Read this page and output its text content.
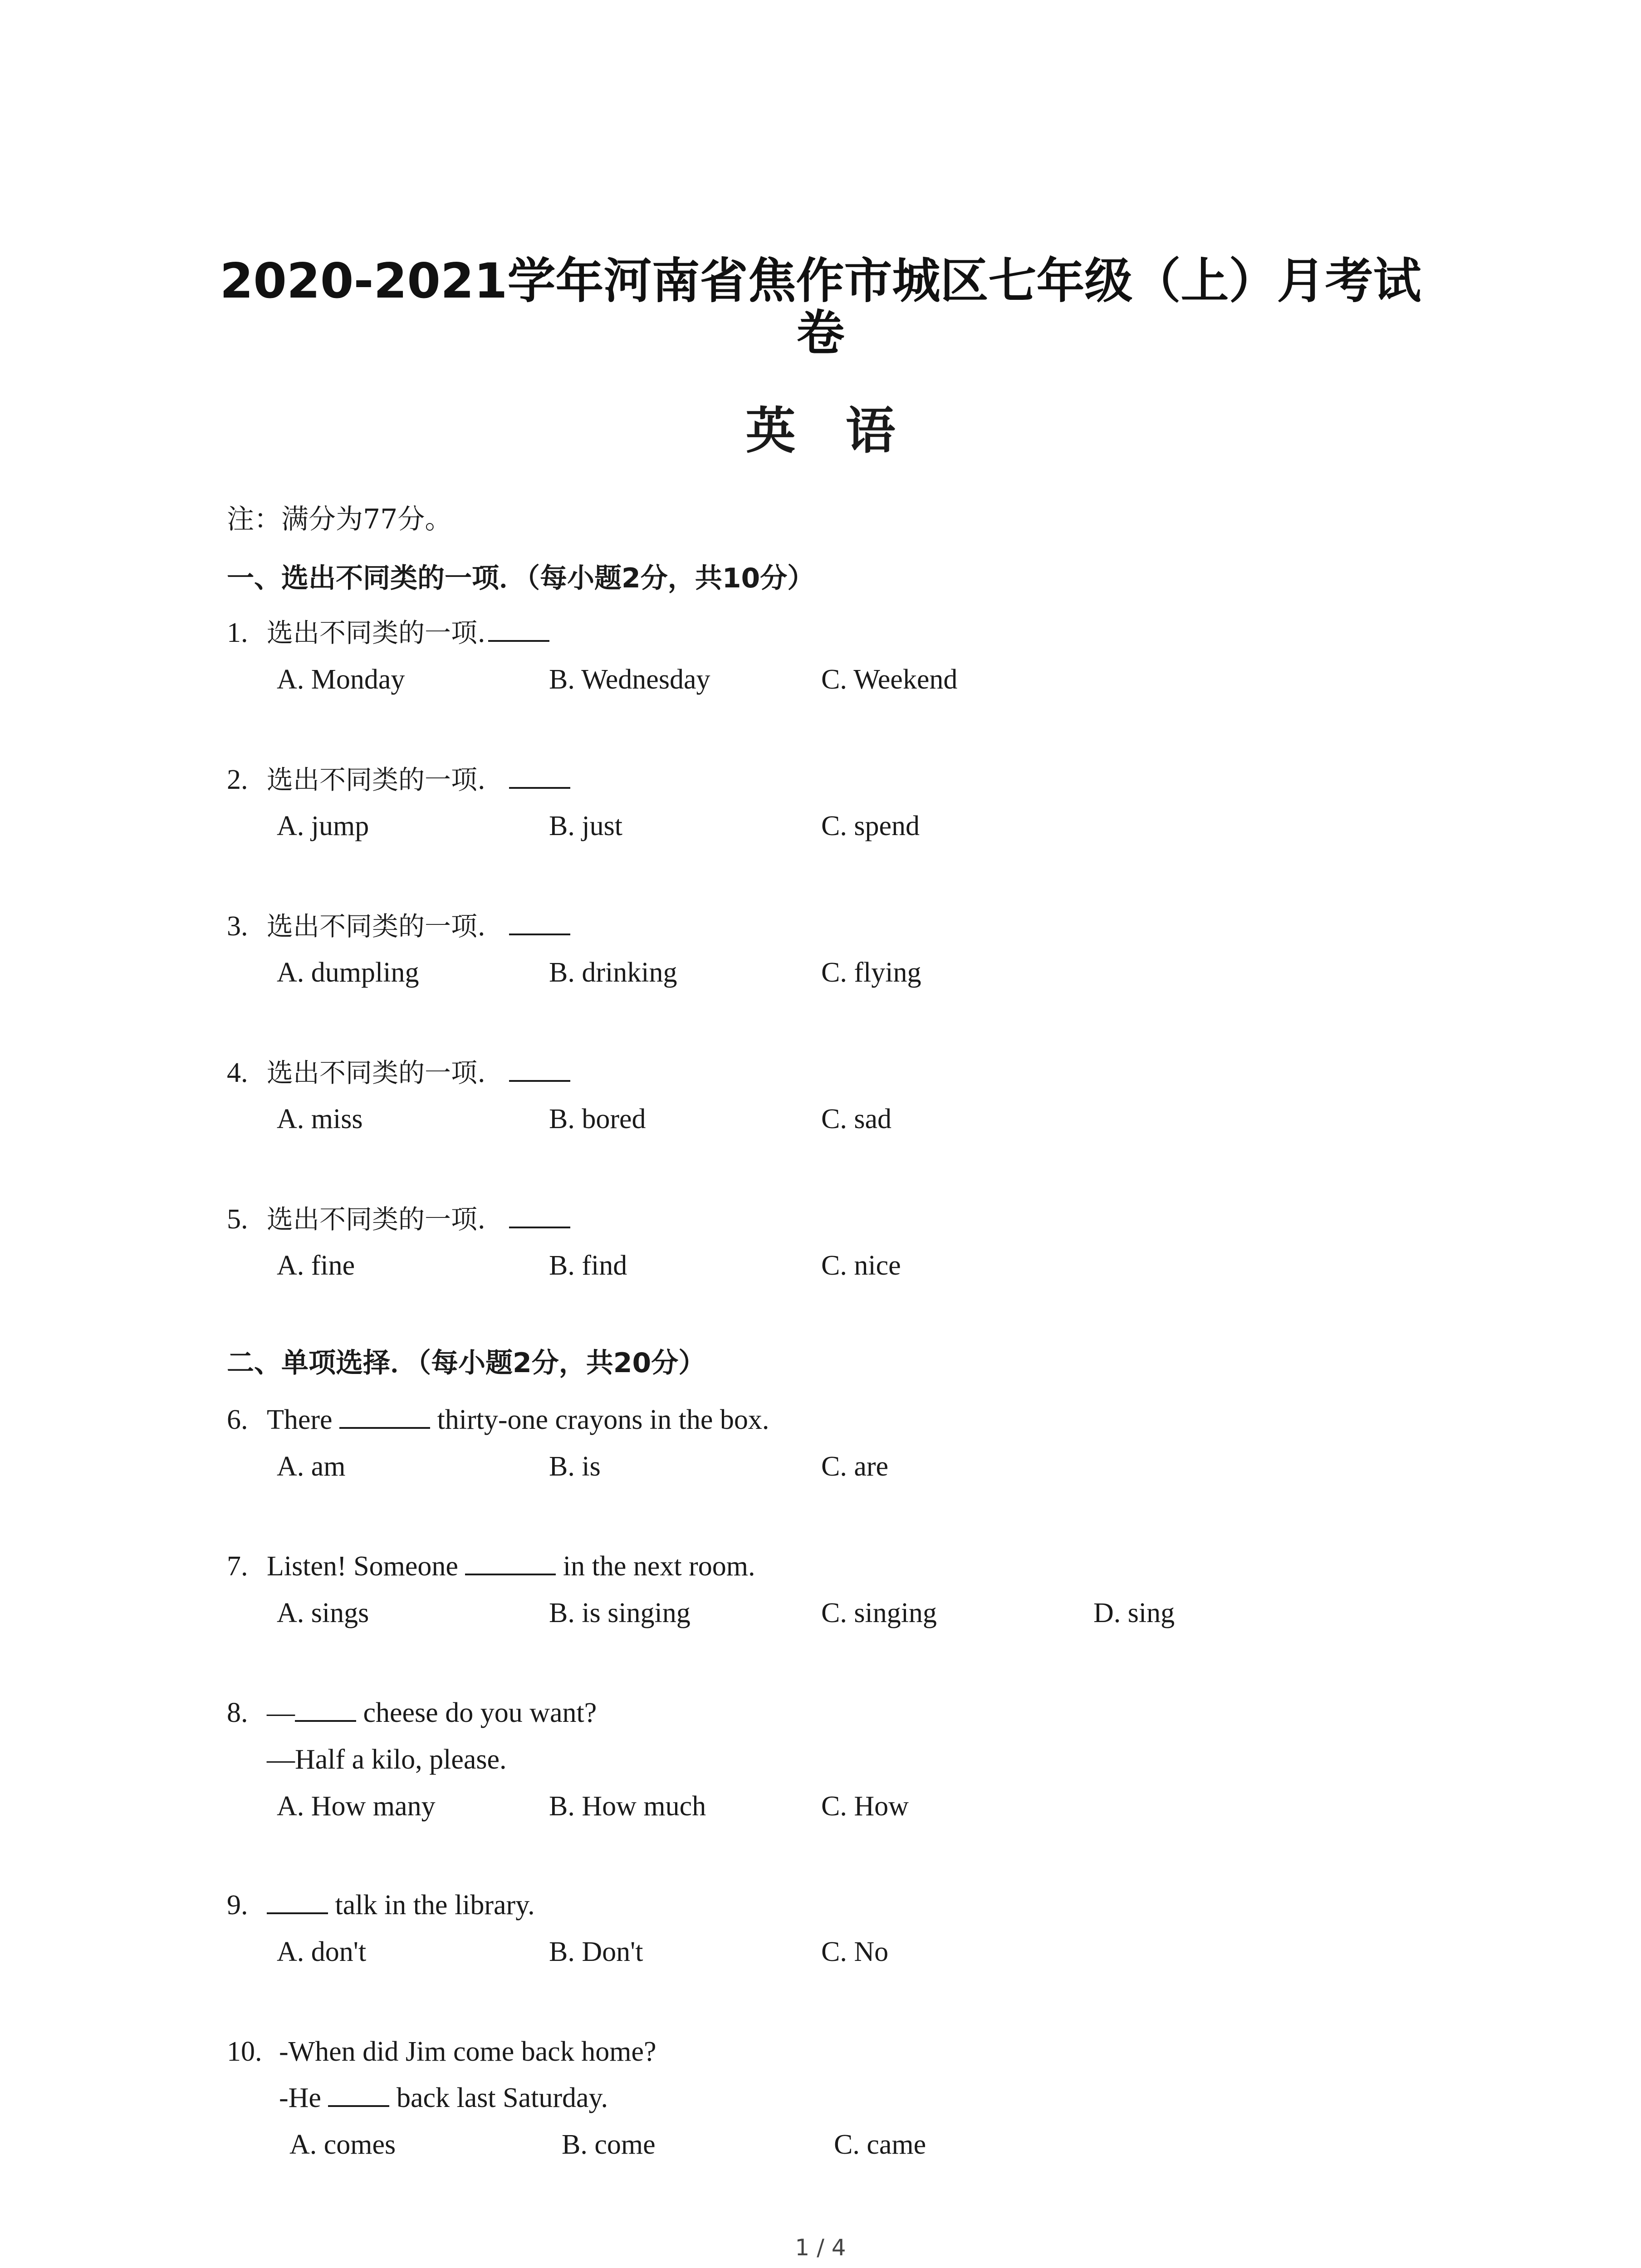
2020-2021学年河南省焦作市城区七年级（上）月考试
卷
英语
注：满分为77分。
一、选出不同类的一项．（每小题2分，共10分）
1. 选出不同类的一项.
A. Monday	B. Wednesday	C. Weekend
2. 选出不同类的一项.
A. jump	B. just	C. spend
3. 选出不同类的一项.
A. dumpling	B. drinking	C. flying
4. 选出不同类的一项.
A. miss	B. bored	C. sad
5. 选出不同类的一项.
A. fine	B. find	C. nice
二、单项选择．（每小题2分，共20分）
6. There	thirty-one crayons in the box.
A. am	B. is	C. are
7. Listen! Someone	in the next room.
A. sings	B. is singing	C. singing	D. sing
8. — cheese do you want?
—Half a kilo, please.
A. How many	B. How much	C. How
9.	talk in the library.
A. don't	B. Don't	C. No
10. -When did Jim come back home?
-He	back last Saturday.
A. comes	B. come	C. came
1 / 4
